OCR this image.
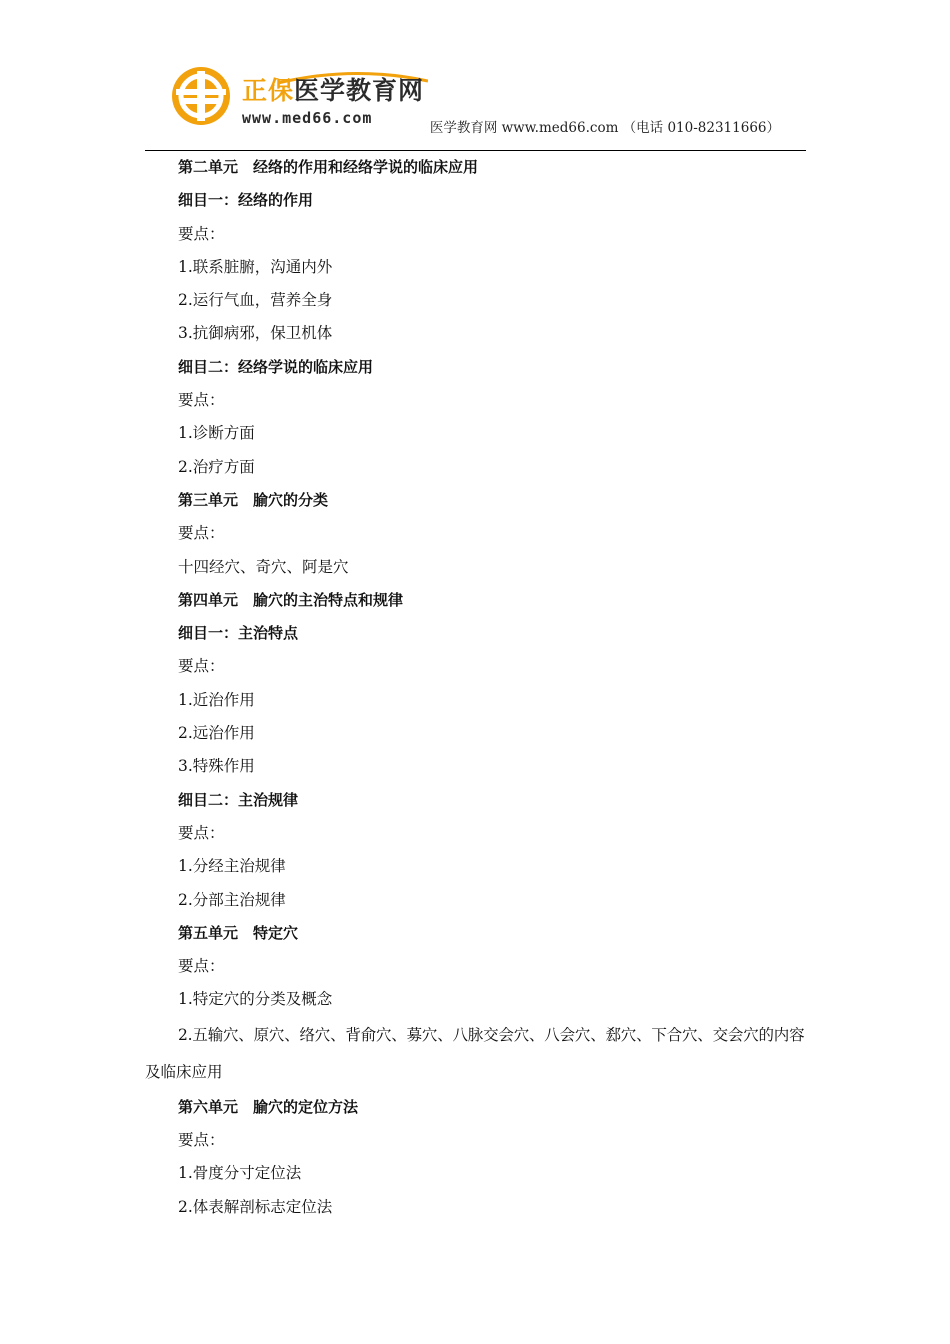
正保医学教育网
www.med66.com
医学教育网 www.med66.com （电话 010-82311666）
第二单元　经络的作用和经络学说的临床应用
细目一：经络的作用
要点：
1.联系脏腑，沟通内外
2.运行气血，营养全身
3.抗御病邪，保卫机体
细目二：经络学说的临床应用
要点：
1.诊断方面
2.治疗方面
第三单元　腧穴的分类
要点：
十四经穴、奇穴、阿是穴
第四单元　腧穴的主治特点和规律
细目一：主治特点
要点：
1.近治作用
2.远治作用
3.特殊作用
细目二：主治规律
要点：
1.分经主治规律
2.分部主治规律
第五单元　特定穴
要点：
1.特定穴的分类及概念
2.五输穴、原穴、络穴、背俞穴、募穴、八脉交会穴、八会穴、郄穴、下合穴、交会穴的内容
及临床应用
第六单元　腧穴的定位方法
要点：
1.骨度分寸定位法
2.体表解剖标志定位法
